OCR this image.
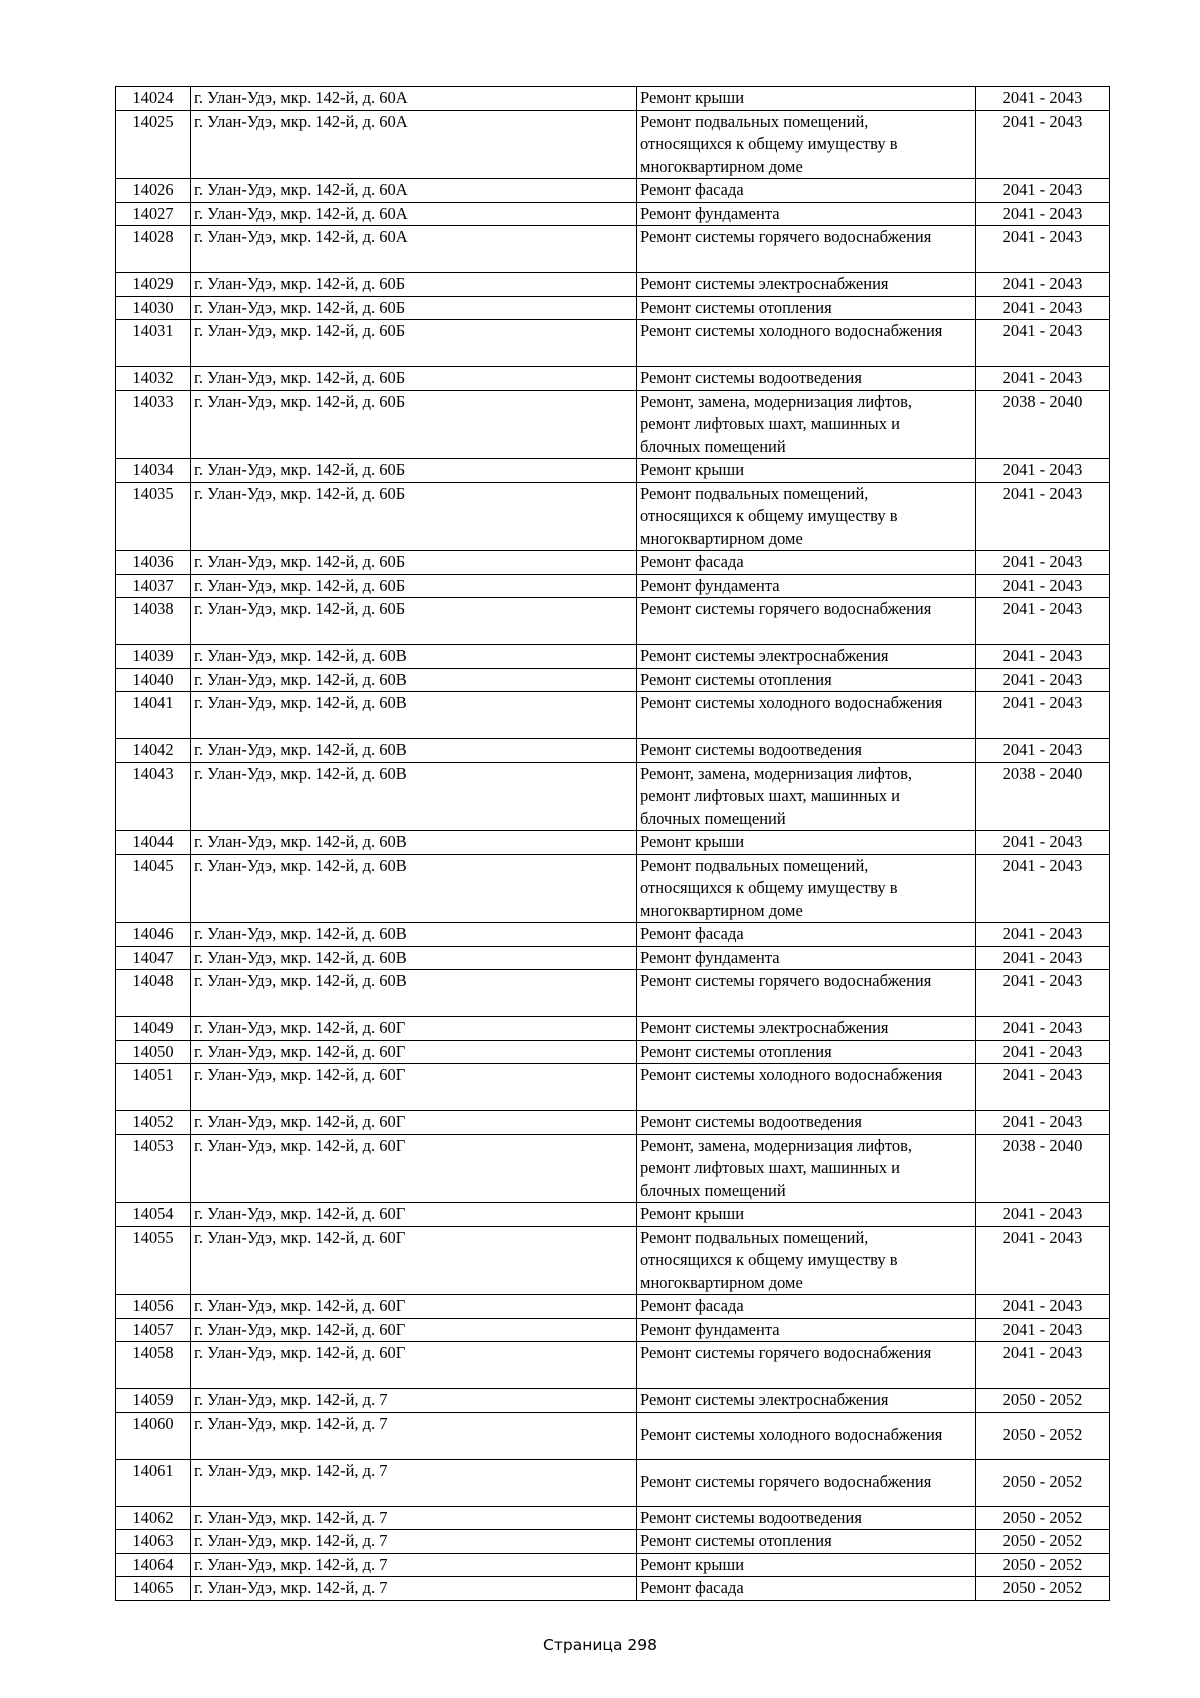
14024	г. Улан-Удэ, мкр. 142-й, д. 60А	Ремонт крыши	2041 - 2043
14025	г. Улан-Удэ, мкр. 142-й, д. 60А	Ремонт подвальных помещений,
относящихся к общему имуществу в
многоквартирном доме	2041 - 2043
14026	г. Улан-Удэ, мкр. 142-й, д. 60А	Ремонт фасада	2041 - 2043
14027	г. Улан-Удэ, мкр. 142-й, д. 60А	Ремонт фундамента	2041 - 2043
14028	г. Улан-Удэ, мкр. 142-й, д. 60А	Ремонт системы горячего водоснабжения	2041 - 2043
14029	г. Улан-Удэ, мкр. 142-й, д. 60Б	Ремонт системы электроснабжения	2041 - 2043
14030	г. Улан-Удэ, мкр. 142-й, д. 60Б	Ремонт системы отопления	2041 - 2043
14031	г. Улан-Удэ, мкр. 142-й, д. 60Б	Ремонт системы холодного водоснабжения	2041 - 2043
14032	г. Улан-Удэ, мкр. 142-й, д. 60Б	Ремонт системы водоотведения	2041 - 2043
14033	г. Улан-Удэ, мкр. 142-й, д. 60Б	Ремонт, замена, модернизация лифтов,
ремонт лифтовых шахт, машинных и
блочных помещений	2038 - 2040
14034	г. Улан-Удэ, мкр. 142-й, д. 60Б	Ремонт крыши	2041 - 2043
14035	г. Улан-Удэ, мкр. 142-й, д. 60Б	Ремонт подвальных помещений,
относящихся к общему имуществу в
многоквартирном доме	2041 - 2043
14036	г. Улан-Удэ, мкр. 142-й, д. 60Б	Ремонт фасада	2041 - 2043
14037	г. Улан-Удэ, мкр. 142-й, д. 60Б	Ремонт фундамента	2041 - 2043
14038	г. Улан-Удэ, мкр. 142-й, д. 60Б	Ремонт системы горячего водоснабжения	2041 - 2043
14039	г. Улан-Удэ, мкр. 142-й, д. 60В	Ремонт системы электроснабжения	2041 - 2043
14040	г. Улан-Удэ, мкр. 142-й, д. 60В	Ремонт системы отопления	2041 - 2043
14041	г. Улан-Удэ, мкр. 142-й, д. 60В	Ремонт системы холодного водоснабжения	2041 - 2043
14042	г. Улан-Удэ, мкр. 142-й, д. 60В	Ремонт системы водоотведения	2041 - 2043
14043	г. Улан-Удэ, мкр. 142-й, д. 60В	Ремонт, замена, модернизация лифтов,
ремонт лифтовых шахт, машинных и
блочных помещений	2038 - 2040
14044	г. Улан-Удэ, мкр. 142-й, д. 60В	Ремонт крыши	2041 - 2043
14045	г. Улан-Удэ, мкр. 142-й, д. 60В	Ремонт подвальных помещений,
относящихся к общему имуществу в
многоквартирном доме	2041 - 2043
14046	г. Улан-Удэ, мкр. 142-й, д. 60В	Ремонт фасада	2041 - 2043
14047	г. Улан-Удэ, мкр. 142-й, д. 60В	Ремонт фундамента	2041 - 2043
14048	г. Улан-Удэ, мкр. 142-й, д. 60В	Ремонт системы горячего водоснабжения	2041 - 2043
14049	г. Улан-Удэ, мкр. 142-й, д. 60Г	Ремонт системы электроснабжения	2041 - 2043
14050	г. Улан-Удэ, мкр. 142-й, д. 60Г	Ремонт системы отопления	2041 - 2043
14051	г. Улан-Удэ, мкр. 142-й, д. 60Г	Ремонт системы холодного водоснабжения	2041 - 2043
14052	г. Улан-Удэ, мкр. 142-й, д. 60Г	Ремонт системы водоотведения	2041 - 2043
14053	г. Улан-Удэ, мкр. 142-й, д. 60Г	Ремонт, замена, модернизация лифтов,
ремонт лифтовых шахт, машинных и
блочных помещений	2038 - 2040
14054	г. Улан-Удэ, мкр. 142-й, д. 60Г	Ремонт крыши	2041 - 2043
14055	г. Улан-Удэ, мкр. 142-й, д. 60Г	Ремонт подвальных помещений,
относящихся к общему имуществу в
многоквартирном доме	2041 - 2043
14056	г. Улан-Удэ, мкр. 142-й, д. 60Г	Ремонт фасада	2041 - 2043
14057	г. Улан-Удэ, мкр. 142-й, д. 60Г	Ремонт фундамента	2041 - 2043
14058	г. Улан-Удэ, мкр. 142-й, д. 60Г	Ремонт системы горячего водоснабжения	2041 - 2043
14059	г. Улан-Удэ, мкр. 142-й, д. 7	Ремонт системы электроснабжения	2050 - 2052
14060	г. Улан-Удэ, мкр. 142-й, д. 7	Ремонт системы холодного водоснабжения	2050 - 2052
14061	г. Улан-Удэ, мкр. 142-й, д. 7	Ремонт системы горячего водоснабжения	2050 - 2052
14062	г. Улан-Удэ, мкр. 142-й, д. 7	Ремонт системы водоотведения	2050 - 2052
14063	г. Улан-Удэ, мкр. 142-й, д. 7	Ремонт системы отопления	2050 - 2052
14064	г. Улан-Удэ, мкр. 142-й, д. 7	Ремонт крыши	2050 - 2052
14065	г. Улан-Удэ, мкр. 142-й, д. 7	Ремонт фасада	2050 - 2052
Страница 298
